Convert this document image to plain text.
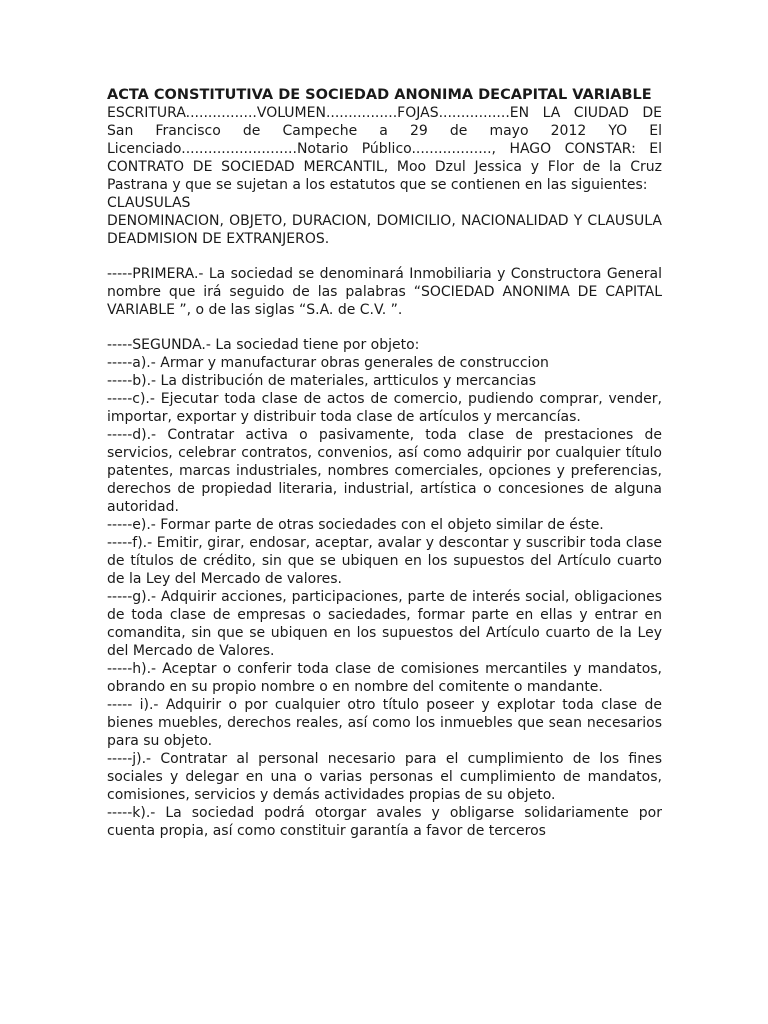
ACTA CONSTITUTIVA DE SOCIEDAD ANONIMA DECAPITAL VARIABLE

ESCRITURA................VOLUMEN................FOJAS................EN LA CIUDAD DE San Francisco de Campeche a 29 de mayo 2012 YO El Licenciado..........................Notario Público.................., HAGO CONSTAR: El CONTRATO DE SOCIEDAD MERCANTIL, Moo Dzul Jessica y Flor de la Cruz Pastrana y que se sujetan a los estatutos que se contienen en las siguientes:

CLAUSULAS

DENOMINACION, OBJETO, DURACION, DOMICILIO, NACIONALIDAD Y CLAUSULA DEADMISION DE EXTRANJEROS.

-----PRIMERA.- La sociedad se denominará Inmobiliaria y Constructora General nombre que irá seguido de las palabras “SOCIEDAD ANONIMA DE CAPITAL VARIABLE ”, o de las siglas “S.A. de C.V. ”.

-----SEGUNDA.- La sociedad tiene por objeto:

-----a).- Armar y manufacturar obras generales de construccion

-----b).- La distribución de materiales, artticulos y mercancias

-----c).- Ejecutar toda clase de actos de comercio, pudiendo comprar, vender, importar, exportar y distribuir toda clase de artículos y mercancías.

-----d).- Contratar activa o pasivamente, toda clase de prestaciones de servicios, celebrar contratos, convenios, así como adquirir por cualquier título patentes, marcas industriales, nombres comerciales, opciones y preferencias, derechos de propiedad literaria, industrial, artística o concesiones de alguna autoridad.

-----e).- Formar parte de otras sociedades con el objeto similar de éste.

-----f).- Emitir, girar, endosar, aceptar, avalar y descontar y suscribir toda clase de títulos de crédito, sin que se ubiquen en los supuestos del Artículo cuarto de la Ley del Mercado de valores.

-----g).- Adquirir acciones, participaciones, parte de interés social, obligaciones de toda clase de empresas o saciedades, formar parte en ellas y entrar en comandita, sin que se ubiquen en los supuestos del Artículo cuarto de la Ley del Mercado de Valores.

-----h).- Aceptar o conferir toda clase de comisiones mercantiles y mandatos, obrando en su propio nombre o en nombre del comitente o mandante.

----- i).- Adquirir o por cualquier otro título poseer y explotar toda clase de bienes muebles, derechos reales, así como los inmuebles que sean necesarios para su objeto.

-----j).- Contratar al personal necesario para el cumplimiento de los fines sociales y delegar en una o varias personas el cumplimiento de mandatos, comisiones, servicios y demás actividades propias de su objeto.

-----k).- La sociedad podrá otorgar avales y obligarse solidariamente por cuenta propia, así como constituir garantía a favor de terceros
